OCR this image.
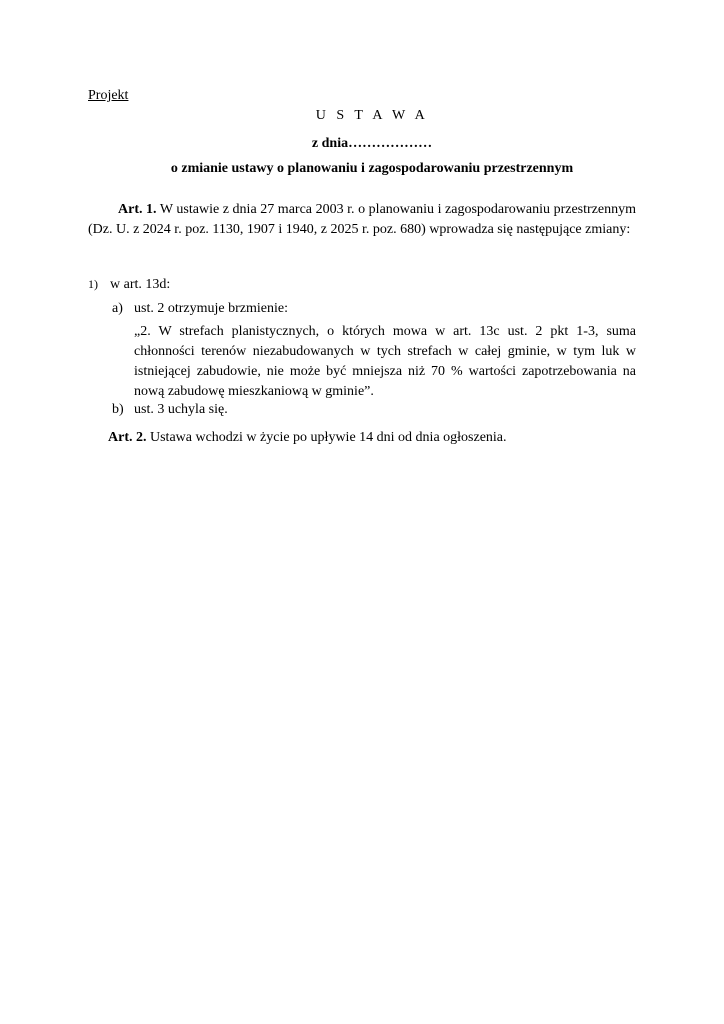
Projekt
U S T A W A
z dnia………………
o zmianie ustawy o planowaniu i zagospodarowaniu przestrzennym
Art. 1. W ustawie z dnia 27 marca 2003 r. o planowaniu i zagospodarowaniu przestrzennym (Dz. U. z 2024 r. poz. 1130, 1907 i 1940, z 2025 r. poz. 680) wprowadza się następujące zmiany:
1) w art. 13d:
a) ust. 2 otrzymuje brzmienie:
„2. W strefach planistycznych, o których mowa w art. 13c ust. 2 pkt 1-3, suma
chłonności terenów niezabudowanych w tych strefach w całej gminie, w tym luk w
istniejącej zabudowie, nie może być mniejsza niż 70 % wartości zapotrzebowania na
nową zabudowę mieszkaniową w gminie”.
b) ust. 3 uchyla się.
Art. 2. Ustawa wchodzi w życie po upływie 14 dni od dnia ogłoszenia.
